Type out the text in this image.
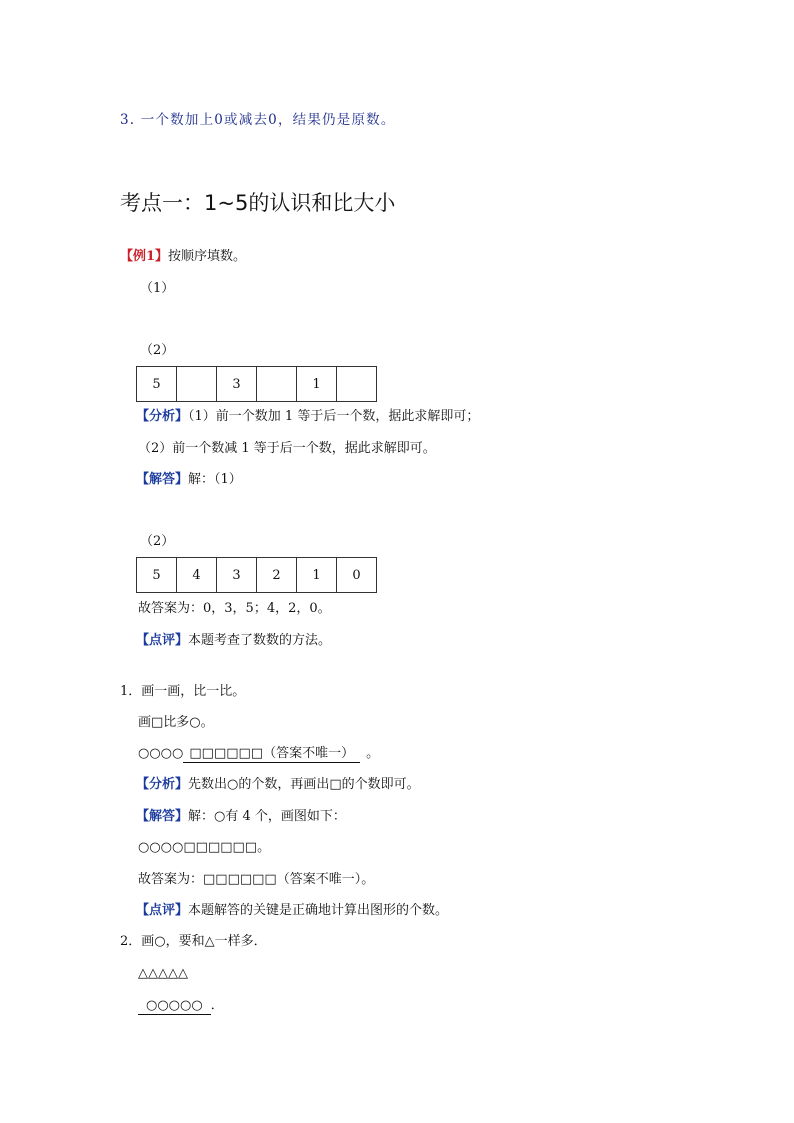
3. 一个数加上0或减去0，结果仍是原数。
考点一：1~5的认识和比大小
【例1】按顺序填数。
（1）
（2）
5		3		1	
【分析】（1）前一个数加 1 等于后一个数，据此求解即可；
（2）前一个数减 1 等于后一个数，据此求解即可。
【解答】解：（1）
（2）
5	4	3	2	1	0
故答案为：0，3，5；4，2，0。
【点评】本题考查了数数的方法。
1．画一画，比一比。
画□比多○。
○○○○ □□□□□□（答案不唯一） 。
【分析】先数出○的个数，再画出□的个数即可。
【解答】解：○有 4 个，画图如下：
○○○○□□□□□□。
故答案为：□□□□□□（答案不唯一）。
【点评】本题解答的关键是正确地计算出图形的个数。
2．画○，要和△一样多．
△△△△△
○○○○○ ．
